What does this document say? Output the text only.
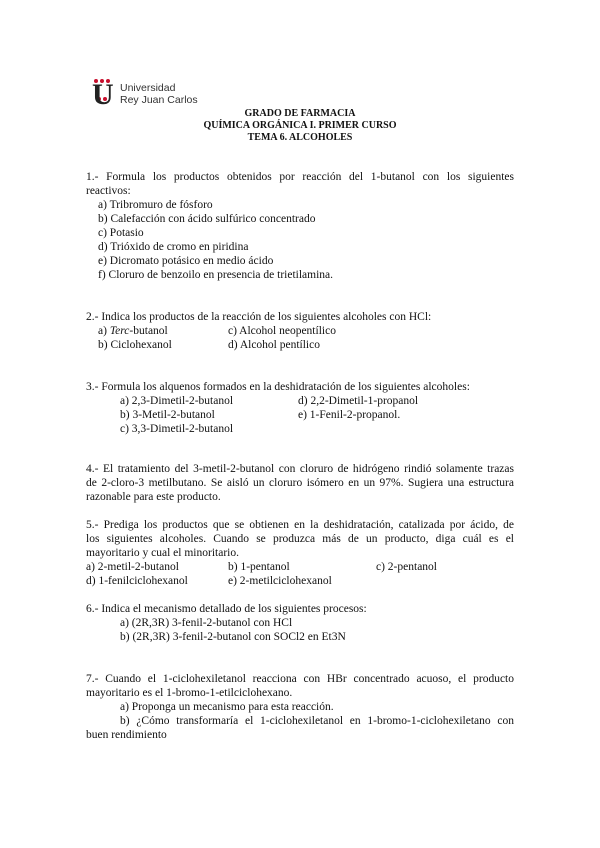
U Universidad
Rey Juan Carlos
GRADO DE FARMACIA
QUÍMICA ORGÁNICA I. PRIMER CURSO
TEMA 6. ALCOHOLES
1.- Formula los productos obtenidos por reacción del 1-butanol con los siguientes
reactivos:
a) Tribromuro de fósforo
b) Calefacción con ácido sulfúrico concentrado
c) Potasio
d) Trióxido de cromo en piridina
e) Dicromato potásico en medio ácido
f) Cloruro de benzoilo en presencia de trietilamina.
2.- Indica los productos de la reacción de los siguientes alcoholes con HCl:
a) Terc-butanol	c) Alcohol neopentílico
b) Ciclohexanol	d) Alcohol pentílico
3.- Formula los alquenos formados en la deshidratación de los siguientes alcoholes:
a) 2,3-Dimetil-2-butanol	d) 2,2-Dimetil-1-propanol
b) 3-Metil-2-butanol	e) 1-Fenil-2-propanol.
c) 3,3-Dimetil-2-butanol
4.- El tratamiento del 3-metil-2-butanol con cloruro de hidrógeno rindió solamente trazas
de 2-cloro-3 metilbutano. Se aisló un cloruro isómero en un 97%. Sugiera una estructura
razonable para este producto.
5.- Prediga los productos que se obtienen en la deshidratación, catalizada por ácido, de
los siguientes alcoholes. Cuando se produzca más de un producto, diga cuál es el
mayoritario y cual el minoritario.
a) 2-metil-2-butanol	b) 1-pentanol	c) 2-pentanol
d) 1-fenilciclohexanol	e) 2-metilciclohexanol
6.- Indica el mecanismo detallado de los siguientes procesos:
a) (2R,3R) 3-fenil-2-butanol con HCl
b) (2R,3R) 3-fenil-2-butanol con SOCl2 en Et3N
7.- Cuando el 1-ciclohexiletanol reacciona con HBr concentrado acuoso, el producto
mayoritario es el 1-bromo-1-etilciclohexano.
a) Proponga un mecanismo para esta reacción.
b) ¿Cómo transformaría el 1-ciclohexiletanol en 1-bromo-1-ciclohexiletano con
buen rendimiento
